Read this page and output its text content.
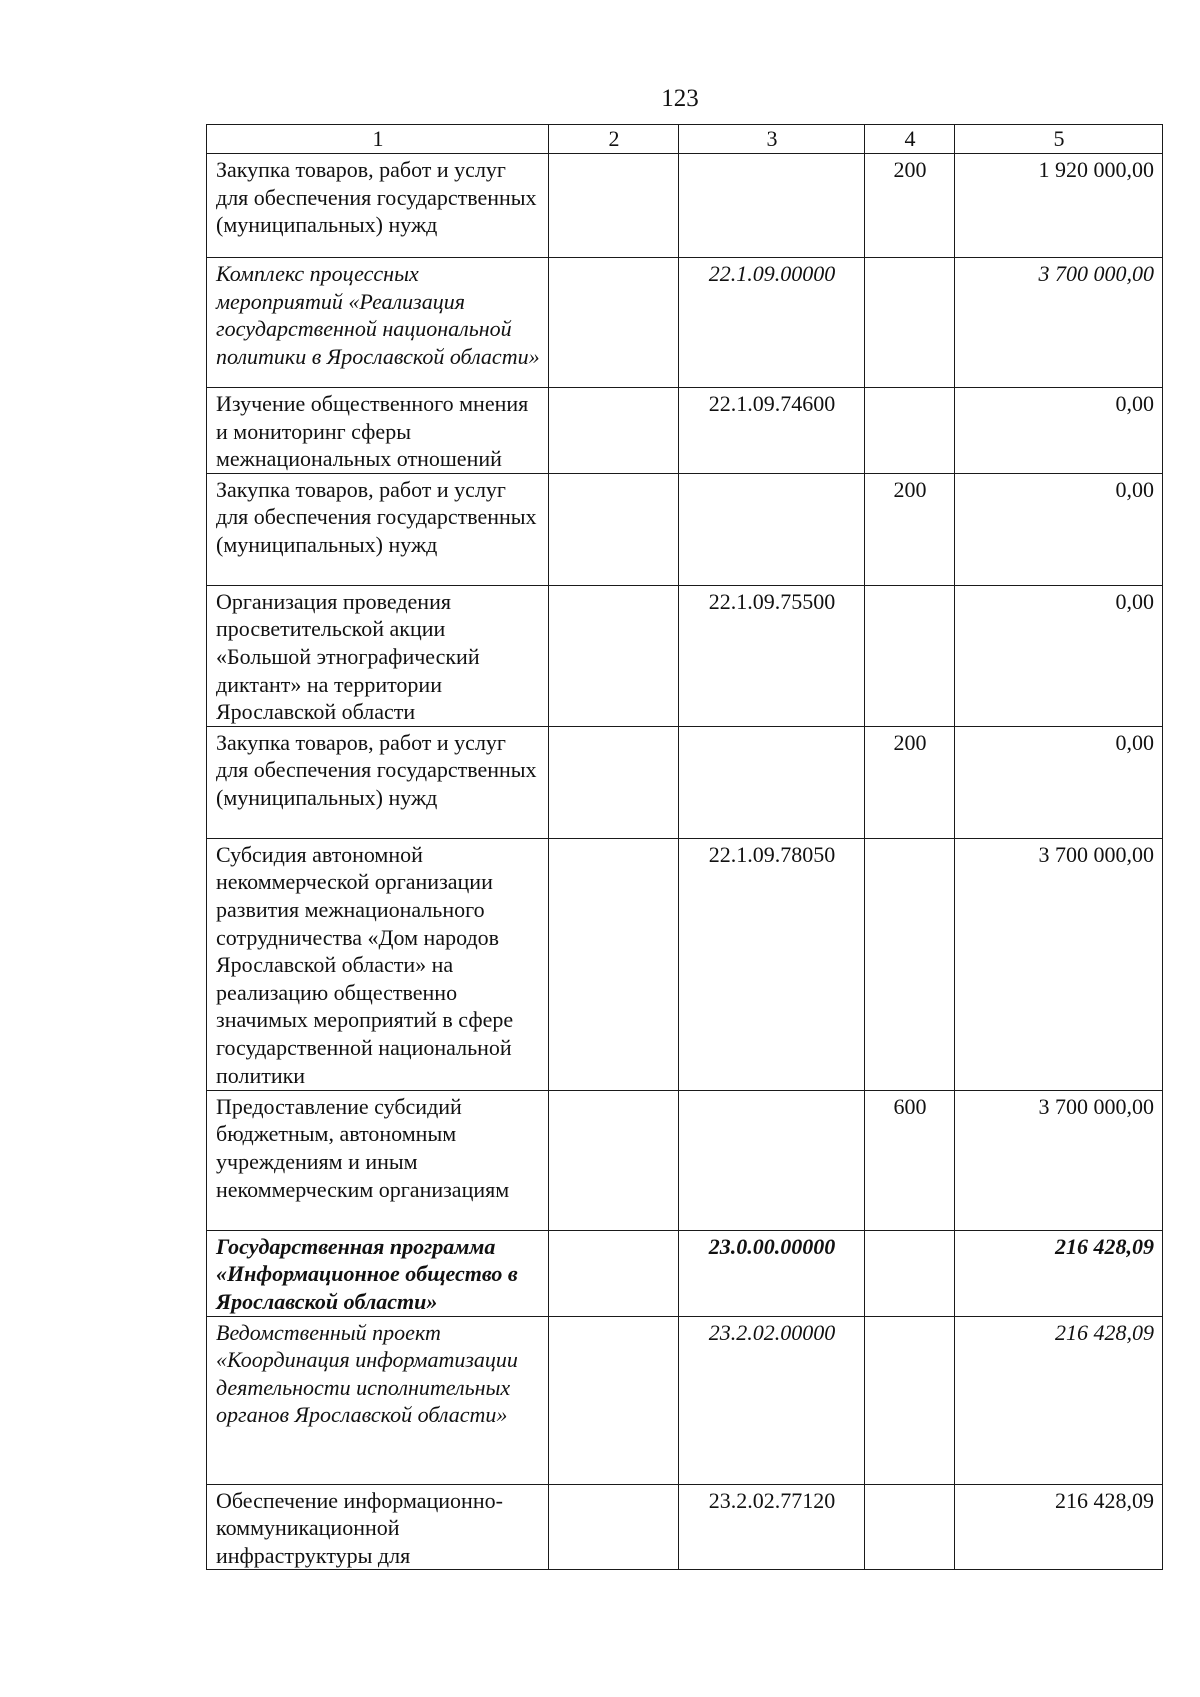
123
1	2	3	4	5
Закупка товаров, работ и услуг для обеспечения государственных (муниципальных) нужд			200	1 920 000,00
Комплекс процессных мероприятий «Реализация государственной национальной политики в Ярославской области»		22.1.09.00000		3 700 000,00
Изучение общественного мнения и мониторинг сферы межнациональных отношений		22.1.09.74600		0,00
Закупка товаров, работ и услуг для обеспечения государственных (муниципальных) нужд			200	0,00
Организация проведения просветительской акции «Большой этнографический диктант» на территории Ярославской области		22.1.09.75500		0,00
Закупка товаров, работ и услуг для обеспечения государственных (муниципальных) нужд			200	0,00
Субсидия автономной некоммерческой организации развития межнационального сотрудничества «Дом народов Ярославской области» на реализацию общественно значимых мероприятий в сфере государственной национальной политики		22.1.09.78050		3 700 000,00
Предоставление субсидий бюджетным, автономным учреждениям и иным некоммерческим организациям			600	3 700 000,00
Государственная программа «Информационное общество в Ярославской области»		23.0.00.00000		216 428,09
Ведомственный проект «Координация информатизации деятельности исполнительных органов Ярославской области»		23.2.02.00000		216 428,09
Обеспечение информационно-коммуникационной инфраструктуры для		23.2.02.77120		216 428,09
